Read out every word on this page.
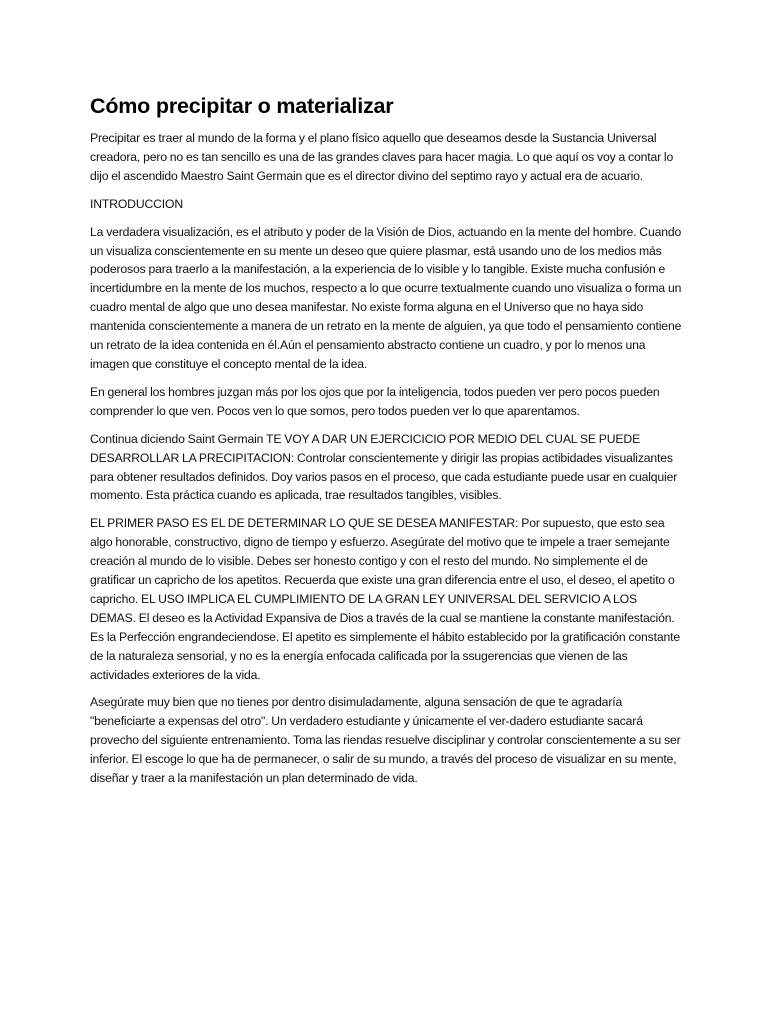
Cómo precipitar o materializar

Precipitar es traer al mundo de la forma y el plano físico aquello que deseamos desde la Sustancia Universal creadora, pero no es tan sencillo es una de las grandes claves para hacer magia. Lo que aquí os voy a contar lo dijo el ascendido Maestro Saint Germain que es el director divino del septimo rayo y actual era de acuario.

INTRODUCCION

La verdadera visualización, es el atributo y poder de la Visión de Dios, actuando en la mente del hombre. Cuando un visualiza conscientemente en su mente un deseo que quiere plasmar, está usando uno de los medios más poderosos para traerlo a la manifestación, a la experiencia de lo visible y lo tangible. Existe mucha confusión e incertidumbre en la mente de los muchos, respecto a lo que ocurre textualmente cuando uno visualiza o forma un cuadro mental de algo que uno desea manifestar. No existe forma alguna en el Universo que no haya sido mantenida conscientemente a manera de un retrato en la mente de alguien, ya que todo el pensamiento contiene un retrato de la idea contenida en él.Aún el pensamiento abstracto contiene un cuadro, y por lo menos una imagen que constituye el concepto mental de la idea.

En general los hombres juzgan más por los ojos que por la inteligencia, todos pueden ver pero pocos pueden comprender lo que ven. Pocos ven lo que somos, pero todos pueden ver lo que aparentamos.

Continua diciendo Saint Germain TE VOY A DAR UN EJERCICICIO POR MEDIO DEL CUAL SE PUEDE DESARROLLAR LA PRECIPITACION: Controlar conscientemente y dirigir las propias actibidades visualizantes para obtener resultados definidos. Doy varios pasos en el proceso, que cada estudiante puede usar en cualquier momento. Esta práctica cuando es aplicada, trae resultados tangibles, visibles.

EL PRIMER PASO ES EL DE DETERMINAR LO QUE SE DESEA MANIFESTAR: Por supuesto, que esto sea algo honorable, constructivo, digno de tiempo y esfuerzo. Asegúrate del motivo que te impele a traer semejante creación al mundo de lo visible. Debes ser honesto contigo y con el resto del mundo. No simplemente el de gratificar un capricho de los apetitos. Recuerda que existe una gran diferencia entre el uso, el deseo, el apetito o capricho. EL USO IMPLICA EL CUMPLIMIENTO DE LA GRAN LEY UNIVERSAL DEL SERVICIO A LOS DEMAS. El deseo es la Actividad Expansiva de Dios a través de la cual se mantiene la constante manifestación. Es la Perfección engrandeciendose. El apetito es simplemente el hábito establecido por la gratificación constante de la naturaleza sensorial, y no es la energía enfocada calificada por la ssugerencias que vienen de las actividades exteriores de la vida.

Asegúrate muy bien que no tienes por dentro disimuladamente, alguna sensación de que te agradaría "beneficiarte a expensas del otro". Un verdadero estudiante y únicamente el ver-dadero estudiante sacará provecho del siguiente entrenamiento. Toma las riendas resuelve disciplinar y controlar conscientemente a su ser inferior. El escoge lo que ha de permanecer, o salir de su mundo, a través del proceso de visualizar en su mente, diseñar y traer a la manifestación un plan determinado de vida.
